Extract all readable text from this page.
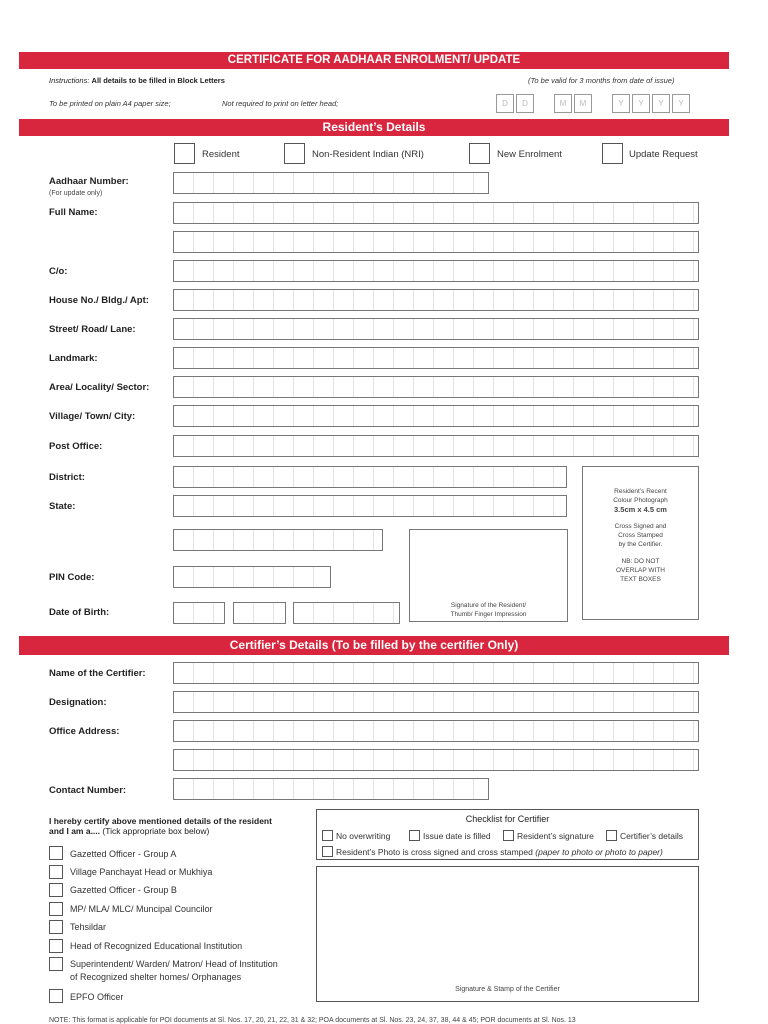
CERTIFICATE FOR AADHAAR ENROLMENT/ UPDATE
Instructions: All details to be filled in Block Letters	(To be valid for 3 months from date of issue)
To be printed on plain A4 paper size;	Not required to print on letter head;	D	D	M	M	Y	Y	Y	Y
Resident’s Details
Resident	Non-Resident Indian (NRI)	New Enrolment	Update Request
Aadhaar Number:
(For update only)
Full Name:
C/o:
House No./ Bldg./ Apt:
Street/ Road/ Lane:
Landmark:
Area/ Locality/ Sector:
Village/ Town/ City:
Post Office:
District:
State:
Resident’s Recent
Colour Photograph
3.5cm x 4.5 cm
Cross Signed and
Cross Stamped
by the Certifier.
NB: DO NOT
OVERLAP WITH
TEXT BOXES
Signature of the Resident/
Thumb/ Finger Impression
PIN Code:
Date of Birth:
Certifier’s Details (To be filled by the certifier Only)
Name of the Certifier:
Designation:
Office Address:
Contact Number:
I hereby certify above mentioned details of the resident
and I am a.... (Tick appropriate box below)
Gazetted Officer - Group A
Village Panchayat Head or Mukhiya
Gazetted Officer - Group B
MP/ MLA/ MLC/ Muncipal Councilor
Tehsildar
Head of Recognized Educational Institution
Superintendent/ Warden/ Matron/ Head of Institution
of Recognized shelter homes/ Orphanages
EPFO Officer
Checklist for Certifier
No overwriting	Issue date is filled	Resident’s signature	Certifier’s details
Resident’s Photo is cross signed and cross stamped (paper to photo or photo to paper)
Signature & Stamp of the Certifier
NOTE: This format is applicable for POI documents at Sl. Nos. 17, 20, 21, 22, 31 & 32; POA documents at Sl. Nos. 23, 24, 37, 38, 44 & 45; POR documents at Sl. Nos. 13
